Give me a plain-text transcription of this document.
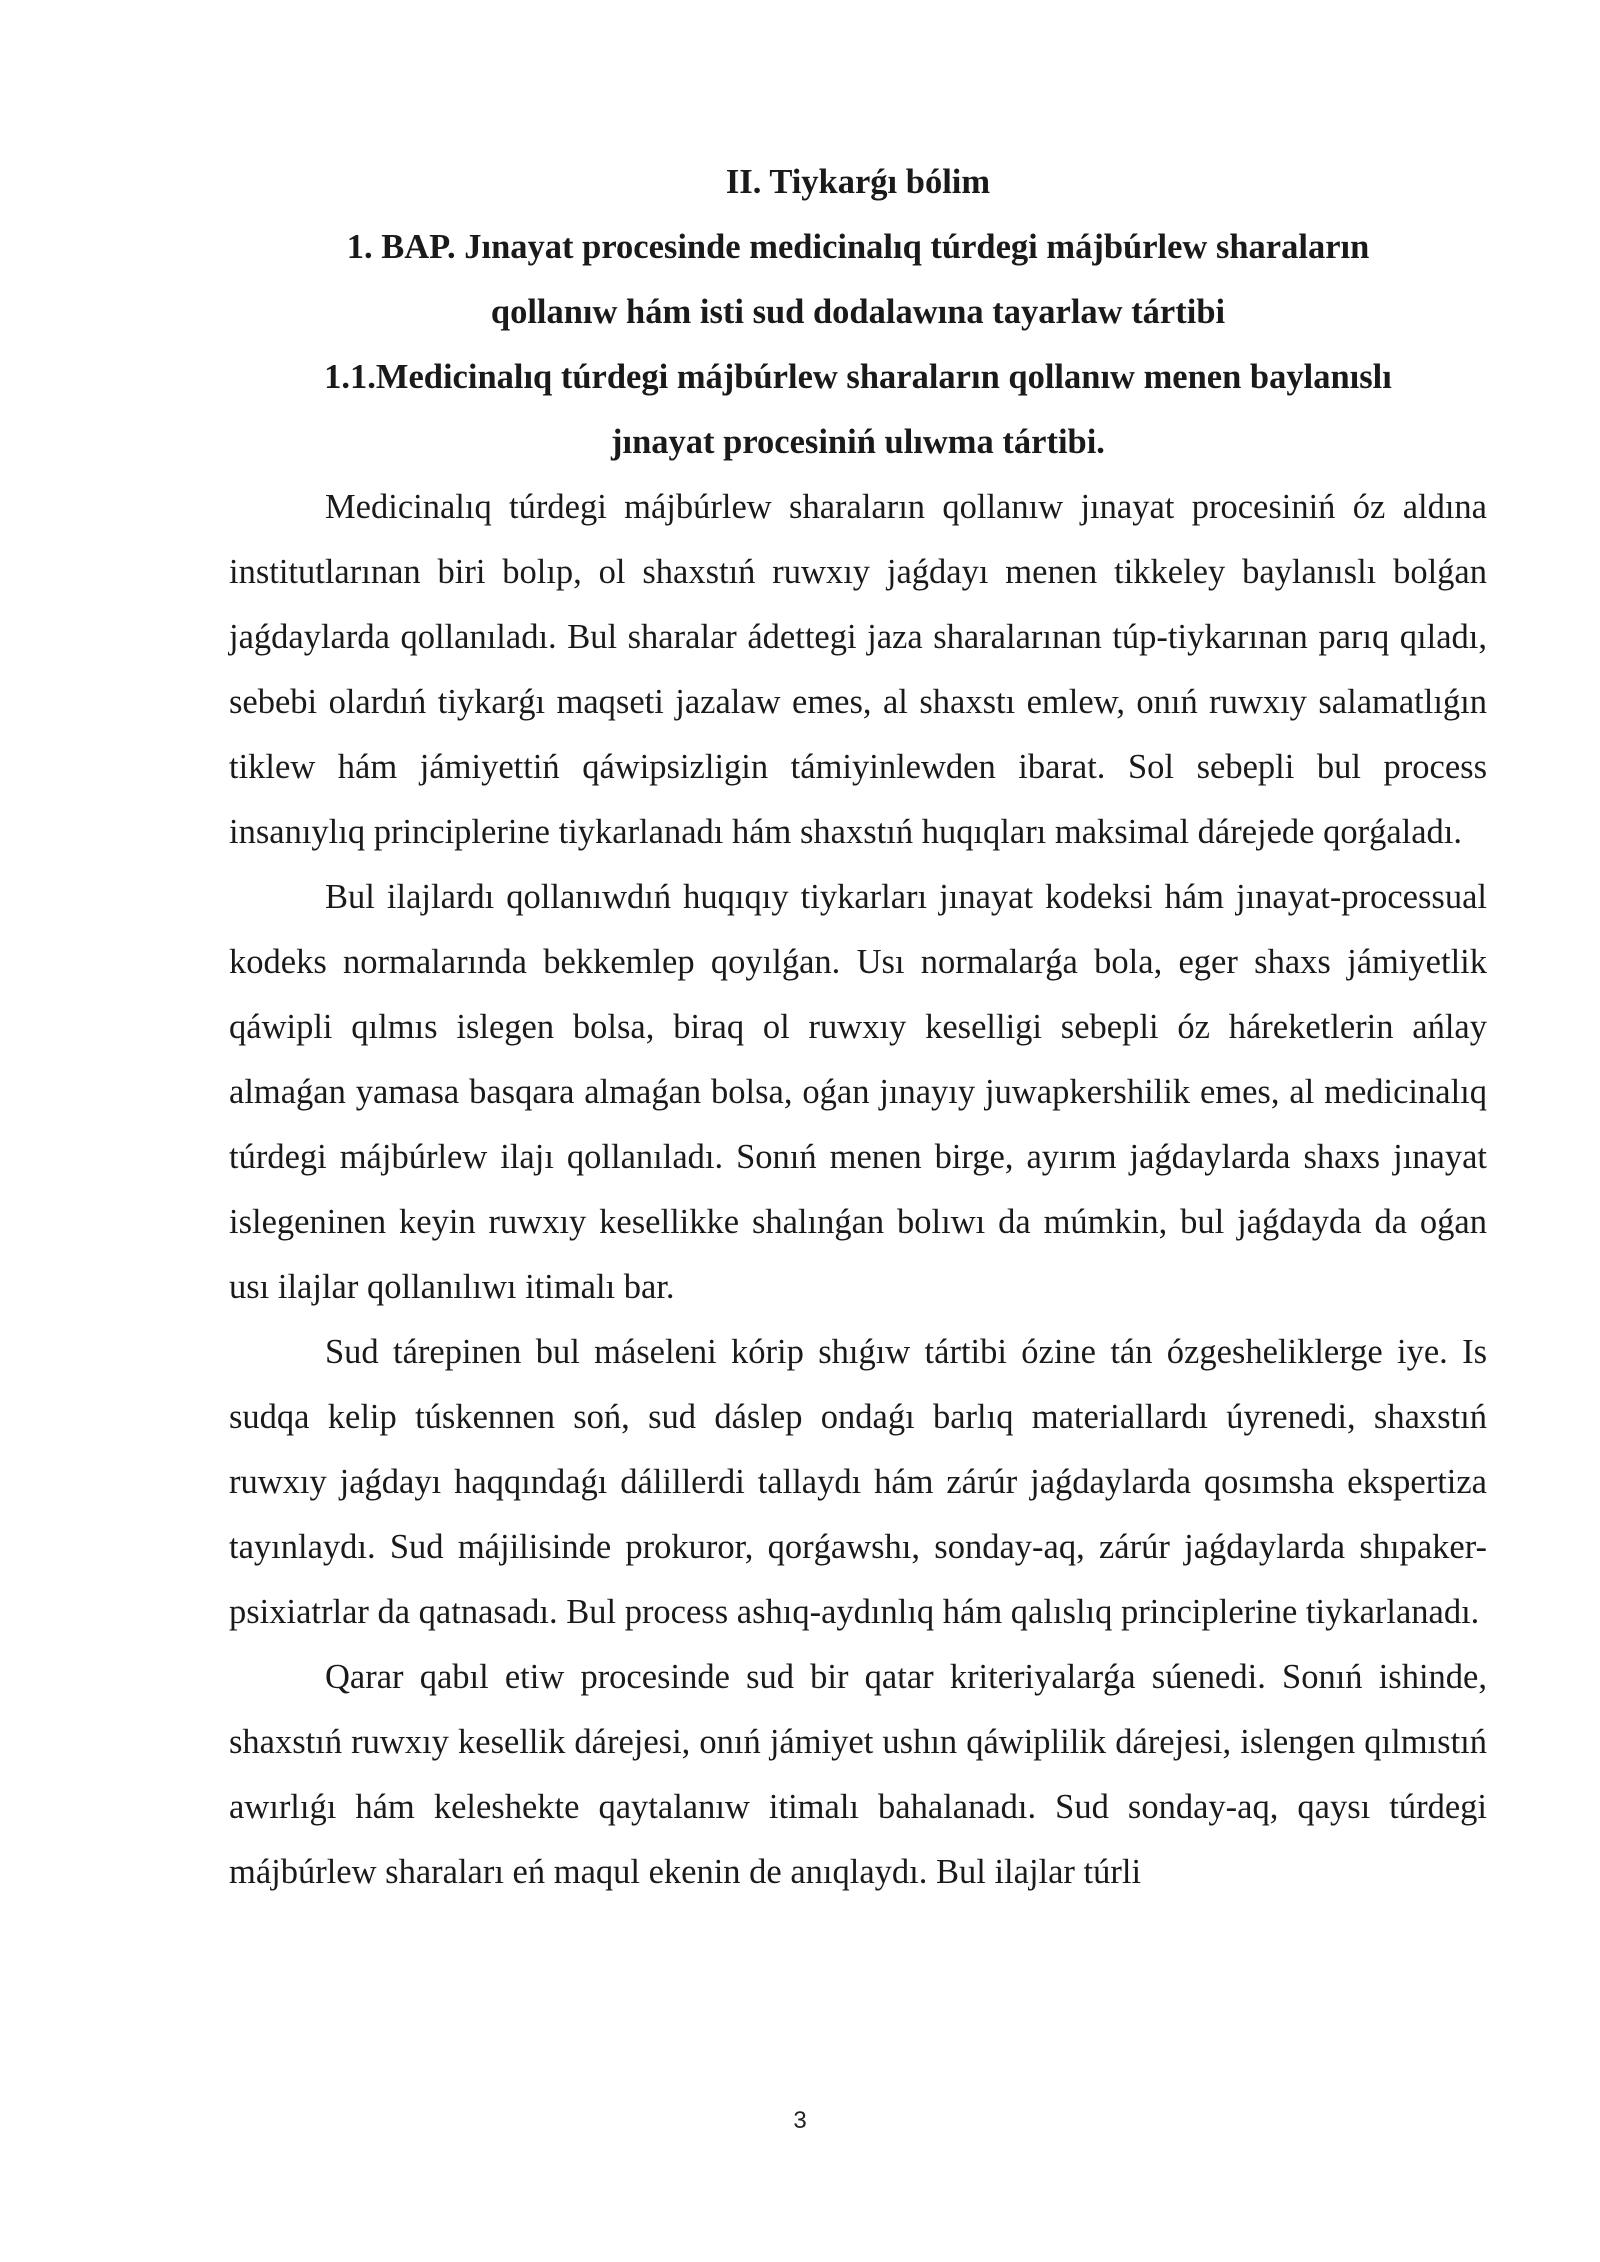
II. Tiykarǵı bólim

1. BAP. Jınayat procesinde medicinalıq túrdegi májbúrlew sharaların

qollanıw hám isti sud dodalawına tayarlaw tártibi

1.1.Medicinalıq túrdegi májbúrlew sharaların qollanıw menen baylanıslı

jınayat procesiniń ulıwma tártibi.

Medicinalıq túrdegi májbúrlew sharaların qollanıw jınayat procesiniń óz aldına institutlarınan biri bolıp, ol shaxstıń ruwxıy jaǵdayı menen tikkeley baylanıslı bolǵan jaǵdaylarda qollanıladı. Bul sharalar ádettegi jaza sharalarınan túp-tiykarınan parıq qıladı, sebebi olardıń tiykarǵı maqseti jazalaw emes, al shaxstı emlew, onıń ruwxıy salamatlıǵın tiklew hám jámiyettiń qáwipsizligin támiyinlewden ibarat. Sol sebepli bul process insanıylıq principlerine tiykarlanadı hám shaxstıń huqıqları maksimal dárejede qorǵaladı.

Bul ilajlardı qollanıwdıń huqıqıy tiykarları jınayat kodeksi hám jınayat-processual kodeks normalarında bekkemlep qoyılǵan. Usı normalarǵa bola, eger shaxs jámiyetlik qáwipli qılmıs islegen bolsa, biraq ol ruwxıy keselligi sebepli óz háreketlerin ańlay almaǵan yamasa basqara almaǵan bolsa, oǵan jınayıy juwapkershilik emes, al medicinalıq túrdegi májbúrlew ilajı qollanıladı. Sonıń menen birge, ayırım jaǵdaylarda shaxs jınayat islegeninen keyin ruwxıy kesellikke shalınǵan bolıwı da múmkin, bul jaǵdayda da oǵan usı ilajlar qollanılıwı itimalı bar.

Sud tárepinen bul máseleni kórip shıǵıw tártibi ózine tán ózgesheliklerge iye. Is sudqa kelip túskennen soń, sud dáslep ondaǵı barlıq materiallardı úyrenedi, shaxstıń ruwxıy jaǵdayı haqqındaǵı dálillerdi tallaydı hám zárúr jaǵdaylarda qosımsha ekspertiza tayınlaydı. Sud májilisinde prokuror, qorǵawshı, sonday-aq, zárúr jaǵdaylarda shıpaker-psixiatrlar da qatnasadı. Bul process ashıq-aydınlıq hám qalıslıq principlerine tiykarlanadı.

Qarar qabıl etiw procesinde sud bir qatar kriteriyalarǵa súenedi. Sonıń ishinde, shaxstıń ruwxıy kesellik dárejesi, onıń jámiyet ushın qáwiplilik dárejesi, islengen qılmıstıń awırlıǵı hám keleshekte qaytalanıw itimalı bahalanadı. Sud sonday-aq, qaysı túrdegi májbúrlew sharaları eń maqul ekenin de anıqlaydı. Bul ilajlar túrli

3
